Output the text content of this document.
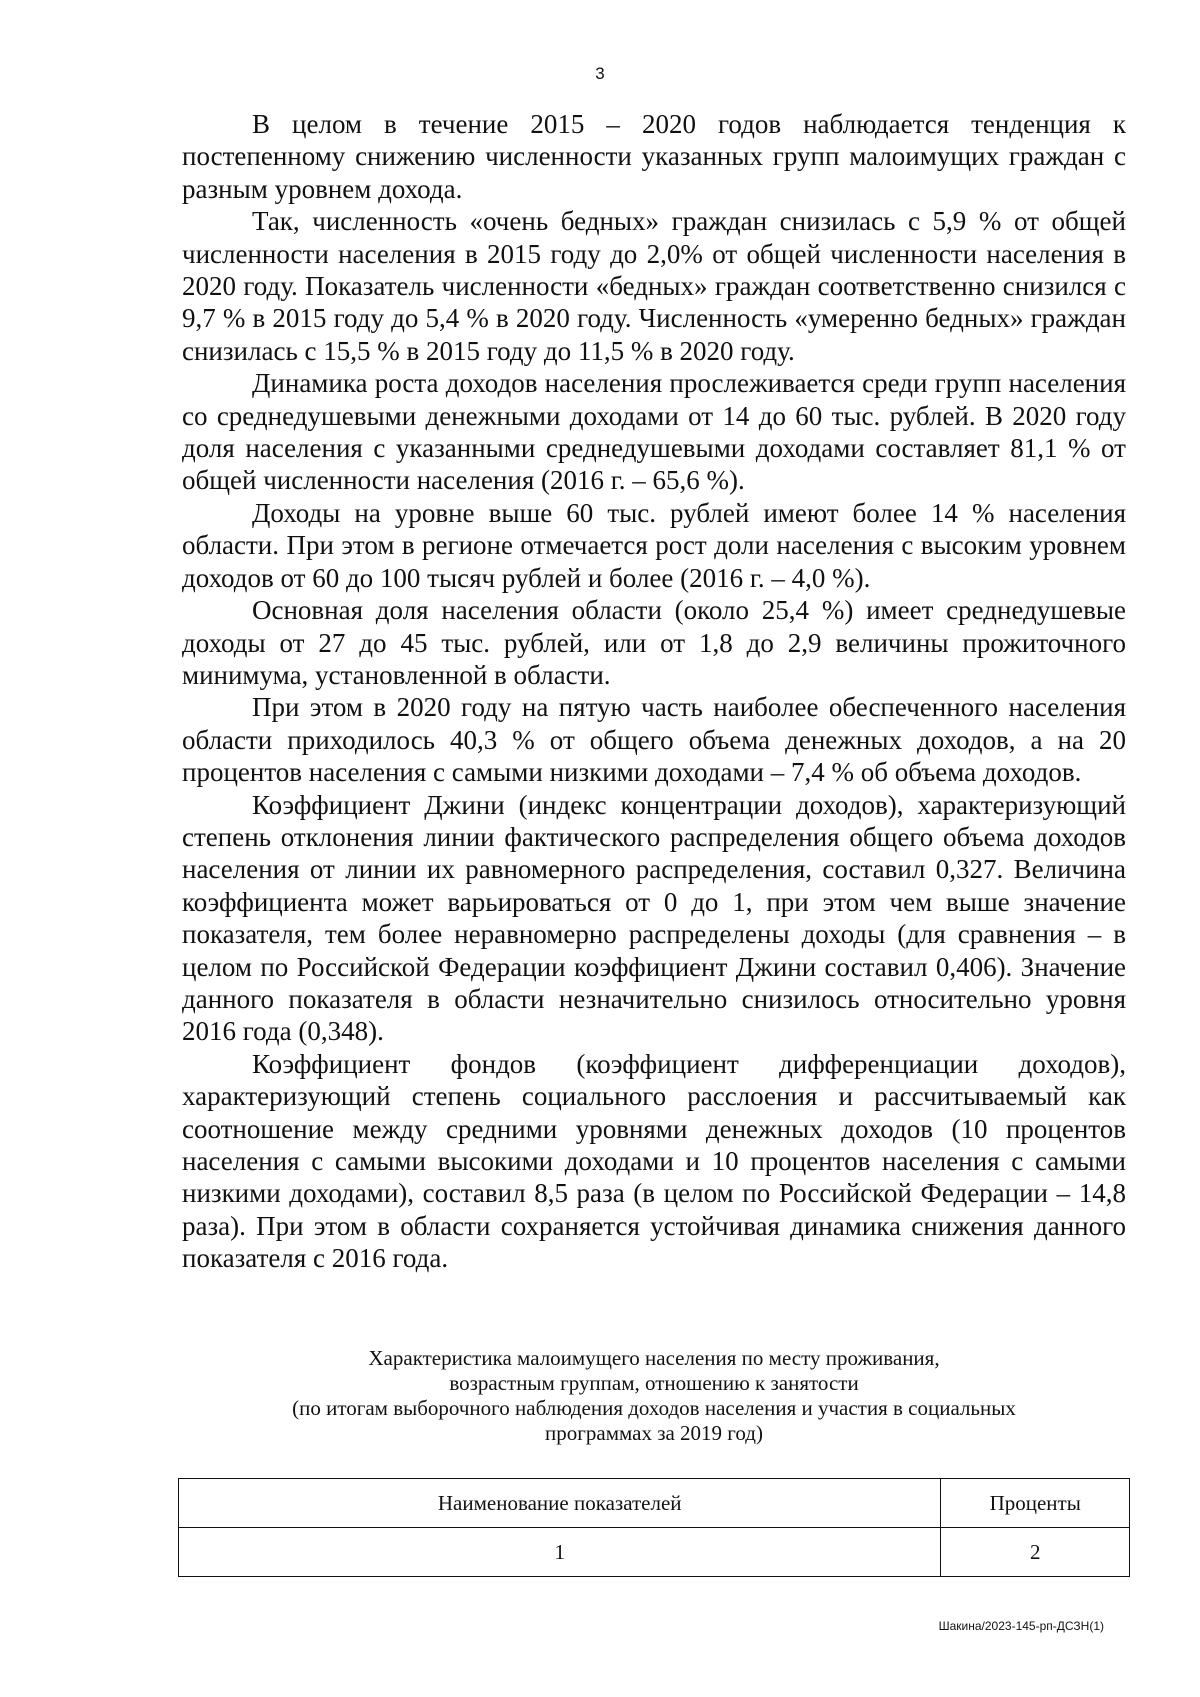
3

В целом в течение 2015 – 2020 годов наблюдается тенденция к постепенному снижению численности указанных групп малоимущих граждан с разным уровнем дохода.

Так, численность «очень бедных» граждан снизилась с 5,9 % от общей численности населения в 2015 году до 2,0% от общей численности населения в 2020 году. Показатель численности «бедных» граждан соответственно снизился с 9,7 % в 2015 году до 5,4 % в 2020 году. Численность «умеренно бедных» граждан снизилась с 15,5 % в 2015 году до 11,5 % в 2020 году.

Динамика роста доходов населения прослеживается среди групп населения со среднедушевыми денежными доходами от 14 до 60 тыс. рублей. В 2020 году доля населения с указанными среднедушевыми доходами составляет 81,1 % от общей численности населения (2016 г. – 65,6 %).

Доходы на уровне выше 60 тыс. рублей имеют более 14 % населения области. При этом в регионе отмечается рост доли населения с высоким уровнем доходов от 60 до 100 тысяч рублей и более (2016 г. – 4,0 %).

Основная доля населения области (около 25,4 %) имеет среднедушевые доходы от 27 до 45 тыс. рублей, или от 1,8 до 2,9 величины прожиточного минимума, установленной в области.

При этом в 2020 году на пятую часть наиболее обеспеченного населения области приходилось 40,3 % от общего объема денежных доходов, а на 20 процентов населения с самыми низкими доходами – 7,4 % об объема доходов.

Коэффициент Джини (индекс концентрации доходов), характеризующий степень отклонения линии фактического распределения общего объема доходов населения от линии их равномерного распределения, составил 0,327. Величина коэффициента может варьироваться от 0 до 1, при этом чем выше значение показателя, тем более неравномерно распределены доходы (для сравнения – в целом по Российской Федерации коэффициент Джини составил 0,406). Значение данного показателя в области незначительно снизилось относительно уровня 2016 года (0,348).

Коэффициент фондов (коэффициент дифференциации доходов), характеризующий степень социального расслоения и рассчитываемый как соотношение между средними уровнями денежных доходов (10 процентов населения с самыми высокими доходами и 10 процентов населения с самыми низкими доходами), составил 8,5 раза (в целом по Российской Федерации – 14,8 раза). При этом в области сохраняется устойчивая динамика снижения данного показателя с 2016 года.

Характеристика малоимущего населения по месту проживания,
возрастным группам, отношению к занятости
(по итогам выборочного наблюдения доходов населения и участия в социальных
программах за 2019 год)
Наименование показателей	Проценты
1	2
Шакина/2023-145-рп-ДСЗН(1)
